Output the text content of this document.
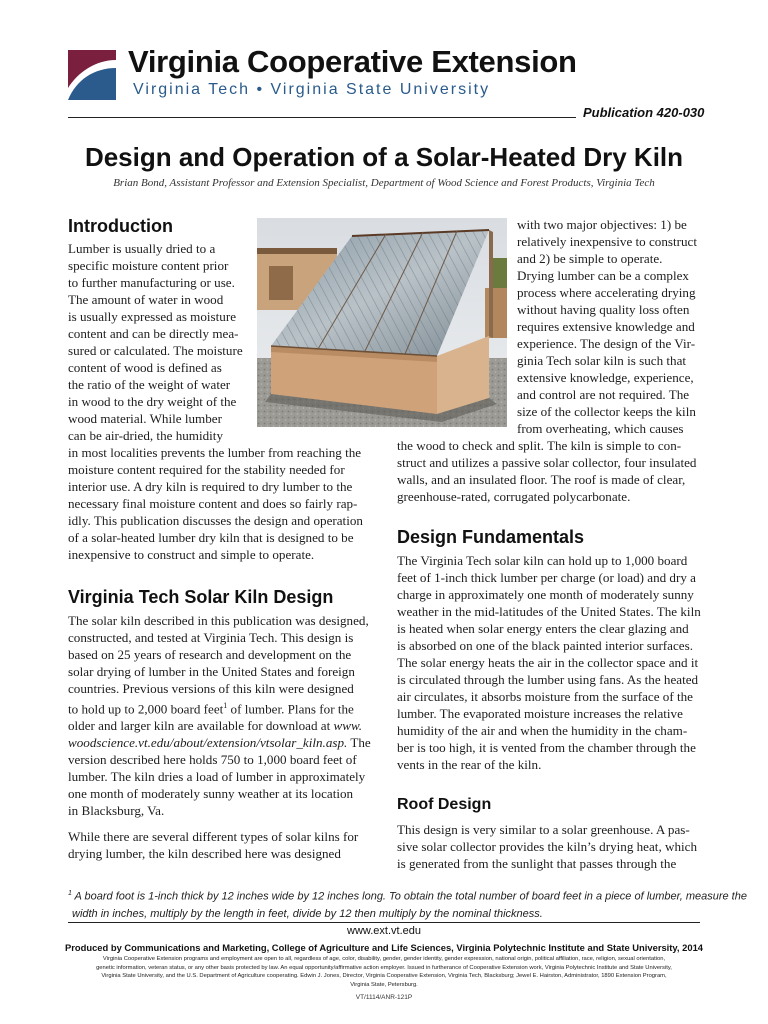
Virginia Cooperative Extension
Virginia Tech • Virginia State University
Publication 420-030
Design and Operation of a Solar-Heated Dry Kiln
Brian Bond, Assistant Professor and Extension Specialist, Department of Wood Science and Forest Products, Virginia Tech
Introduction
Lumber is usually dried to a
specific moisture content prior
to further manufacturing or use.
The amount of water in wood
is usually expressed as moisture
content and can be directly mea-
sured or calculated. The moisture
content of wood is defined as
the ratio of the weight of water
in wood to the dry weight of the
wood material. While lumber
can be air-dried, the humidity
in most localities prevents the lumber from reaching the
moisture content required for the stability needed for
interior use. A dry kiln is required to dry lumber to the
necessary final moisture content and does so fairly rap-
idly. This publication discusses the design and operation
of a solar-heated lumber dry kiln that is designed to be
inexpensive to construct and simple to operate.
with two major objectives: 1) be
relatively inexpensive to construct
and 2) be simple to operate.
Drying lumber can be a complex
process where accelerating drying
without having quality loss often
requires extensive knowledge and
experience. The design of the Vir-
ginia Tech solar kiln is such that
extensive knowledge, experience,
and control are not required. The
size of the collector keeps the kiln
from overheating, which causes
the wood to check and split. The kiln is simple to con-
struct and utilizes a passive solar collector, four insulated
walls, and an insulated floor. The roof is made of clear,
greenhouse-rated, corrugated polycarbonate.
Virginia Tech Solar Kiln Design
The solar kiln described in this publication was designed,
constructed, and tested at Virginia Tech. This design is
based on 25 years of research and development on the
solar drying of lumber in the United States and foreign
countries. Previous versions of this kiln were designed
to hold up to 2,000 board feet$^1$ of lumber. Plans for the
older and larger kiln are available for download at www.
woodscience.vt.edu/about/extension/vtsolar_kiln.asp. The
version described here holds 750 to 1,000 board feet of
lumber. The kiln dries a load of lumber in approximately
one month of moderately sunny weather at its location
in Blacksburg, Va.
While there are several different types of solar kilns for
drying lumber, the kiln described here was designed
Design Fundamentals
The Virginia Tech solar kiln can hold up to 1,000 board
feet of 1-inch thick lumber per charge (or load) and dry a
charge in approximately one month of moderately sunny
weather in the mid-latitudes of the United States. The kiln
is heated when solar energy enters the clear glazing and
is absorbed on one of the black painted interior surfaces.
The solar energy heats the air in the collector space and it
is circulated through the lumber using fans. As the heated
air circulates, it absorbs moisture from the surface of the
lumber. The evaporated moisture increases the relative
humidity of the air and when the humidity in the cham-
ber is too high, it is vented from the chamber through the
vents in the rear of the kiln.
Roof Design
This design is very similar to a solar greenhouse. A pas-
sive solar collector provides the kiln’s drying heat, which
is generated from the sunlight that passes through the
$^1$ A board foot is 1-inch thick by 12 inches wide by 12 inches long. To obtain the total number of board feet in a piece of lumber, measure the
width in inches, multiply by the length in feet, divide by 12 then multiply by the nominal thickness.
www.ext.vt.edu
Produced by Communications and Marketing, College of Agriculture and Life Sciences, Virginia Polytechnic Institute and State University, 2014
Virginia Cooperative Extension programs and employment are open to all, regardless of age, color, disability, gender, gender identity, gender expression, national origin, political affiliation, race, religion, sexual orientation,
genetic information, veteran status, or any other basis protected by law. An equal opportunity/affirmative action employer. Issued in furtherance of Cooperative Extension work, Virginia Polytechnic Institute and State University,
Virginia State University, and the U.S. Department of Agriculture cooperating. Edwin J. Jones, Director, Virginia Cooperative Extension, Virginia Tech, Blacksburg; Jewel E. Hairston, Administrator, 1890 Extension Program,
Virginia State, Petersburg.
VT/1114/ANR-121P
